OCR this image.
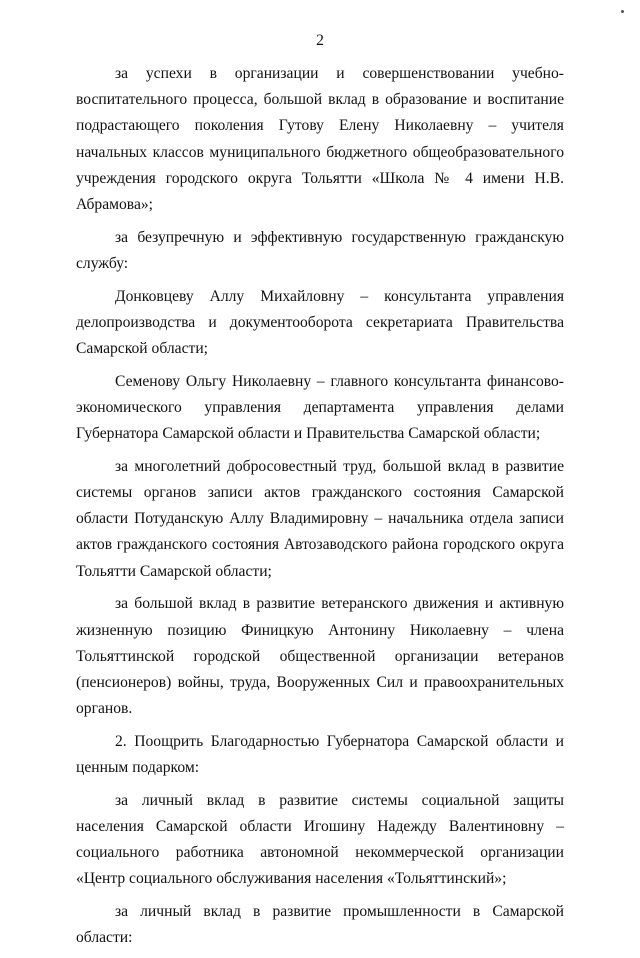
2

за успехи в организации и совершенствовании учебно-воспитательного процесса, большой вклад в образование и воспитание подрастающего поколения Гутову Елену Николаевну – учителя начальных классов муниципального бюджетного общеобразовательного учреждения городского округа Тольятти «Школа № 4 имени Н.В. Абрамова»;

за безупречную и эффективную государственную гражданскую службу:

Донковцеву Аллу Михайловну – консультанта управления делопроизводства и документооборота секретариата Правительства Самарской области;

Семенову Ольгу Николаевну – главного консультанта финансово-экономического управления департамента управления делами Губернатора Самарской области и Правительства Самарской области;

за многолетний добросовестный труд, большой вклад в развитие системы органов записи актов гражданского состояния Самарской области Потуданскую Аллу Владимировну – начальника отдела записи актов гражданского состояния Автозаводского района городского округа Тольятти Самарской области;

за большой вклад в развитие ветеранского движения и активную жизненную позицию Финицкую Антонину Николаевну – члена Тольяттинской городской общественной организации ветеранов (пенсионеров) войны, труда, Вооруженных Сил и правоохранительных органов.

2. Поощрить Благодарностью Губернатора Самарской области и ценным подарком:

за личный вклад в развитие системы социальной защиты населения Самарской области Игошину Надежду Валентиновну – социального работника автономной некоммерческой организации «Центр социального обслуживания населения «Тольяттинский»;

за личный вклад в развитие промышленности в Самарской области:
